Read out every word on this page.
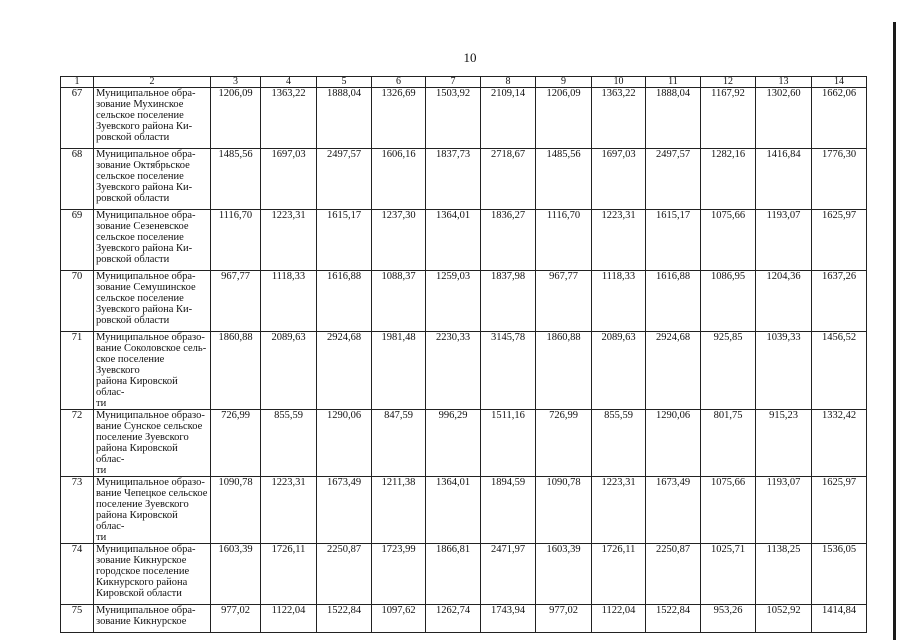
10
1	2	3	4	5	6	7	8	9	10	11	12	13	14
67	Муниципальное обра-
зование Мухинское
сельское поселение
Зуевского района Ки-
ровской области	1206,09	1363,22	1888,04	1326,69	1503,92	2109,14	1206,09	1363,22	1888,04	1167,92	1302,60	1662,06
68	Муниципальное обра-
зование Октябрьское
сельское поселение
Зуевского района Ки-
ровской области	1485,56	1697,03	2497,57	1606,16	1837,73	2718,67	1485,56	1697,03	2497,57	1282,16	1416,84	1776,30
69	Муниципальное обра-
зование Сезеневское
сельское поселение
Зуевского района Ки-
ровской области	1116,70	1223,31	1615,17	1237,30	1364,01	1836,27	1116,70	1223,31	1615,17	1075,66	1193,07	1625,97
70	Муниципальное обра-
зование Семушинское
сельское поселение
Зуевского района Ки-
ровской области	967,77	1118,33	1616,88	1088,37	1259,03	1837,98	967,77	1118,33	1616,88	1086,95	1204,36	1637,26
71	Муниципальное образо-
вание Соколовское сель-
ское поселение Зуевского
района Кировской облас-
ти	1860,88	2089,63	2924,68	1981,48	2230,33	3145,78	1860,88	2089,63	2924,68	925,85	1039,33	1456,52
72	Муниципальное образо-
вание Сунское сельское
поселение Зуевского
района Кировской облас-
ти	726,99	855,59	1290,06	847,59	996,29	1511,16	726,99	855,59	1290,06	801,75	915,23	1332,42
73	Муниципальное образо-
вание Чепецкое сельское
поселение Зуевского
района Кировской облас-
ти	1090,78	1223,31	1673,49	1211,38	1364,01	1894,59	1090,78	1223,31	1673,49	1075,66	1193,07	1625,97
74	Муниципальное обра-
зование Кикнурское
городское поселение
Кикнурского района
Кировской области	1603,39	1726,11	2250,87	1723,99	1866,81	2471,97	1603,39	1726,11	2250,87	1025,71	1138,25	1536,05
75	Муниципальное обра-
зование Кикнурское	977,02	1122,04	1522,84	1097,62	1262,74	1743,94	977,02	1122,04	1522,84	953,26	1052,92	1414,84
